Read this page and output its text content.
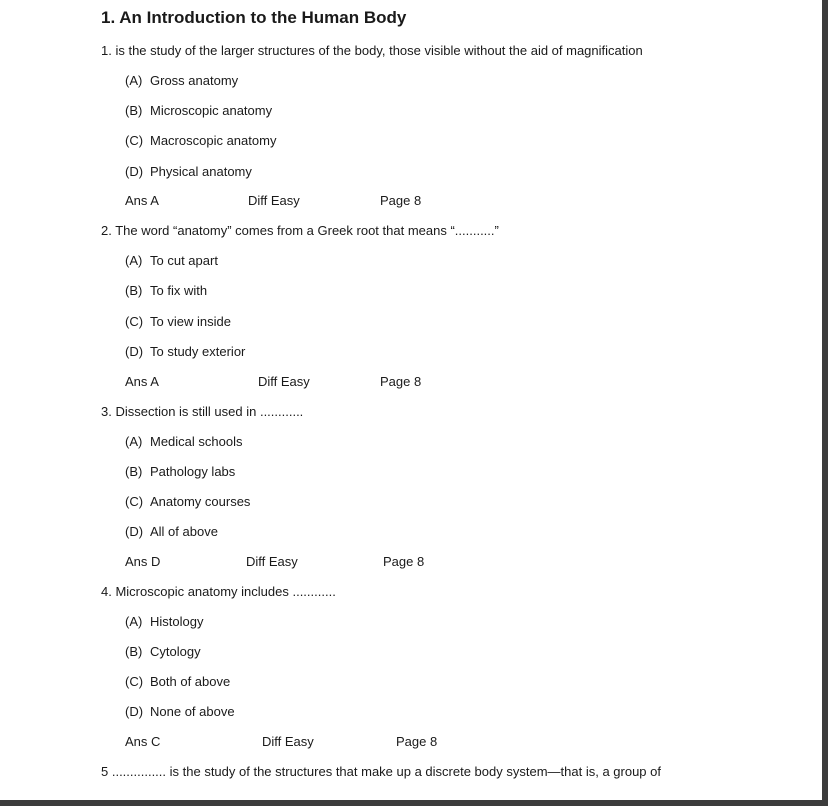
1. An Introduction to the Human Body
1. is the study of the larger structures of the body, those visible without the aid of magnification
(A) Gross anatomy
(B) Microscopic anatomy
(C) Macroscopic anatomy
(D) Physical anatomy
Ans A	Diff Easy	Page 8
2. The word “anatomy” comes from a Greek root that means “...........”
(A) To cut apart
(B) To fix with
(C) To view inside
(D) To study exterior
Ans A	Diff Easy	Page 8
3. Dissection is still used in ............
(A) Medical schools
(B) Pathology labs
(C) Anatomy courses
(D) All of above
Ans D	Diff Easy	Page 8
4. Microscopic anatomy includes ............
(A) Histology
(B) Cytology
(C) Both of above
(D) None of above
Ans C	Diff Easy	Page 8
5 ............... is the study of the structures that make up a discrete body system—that is, a group of
